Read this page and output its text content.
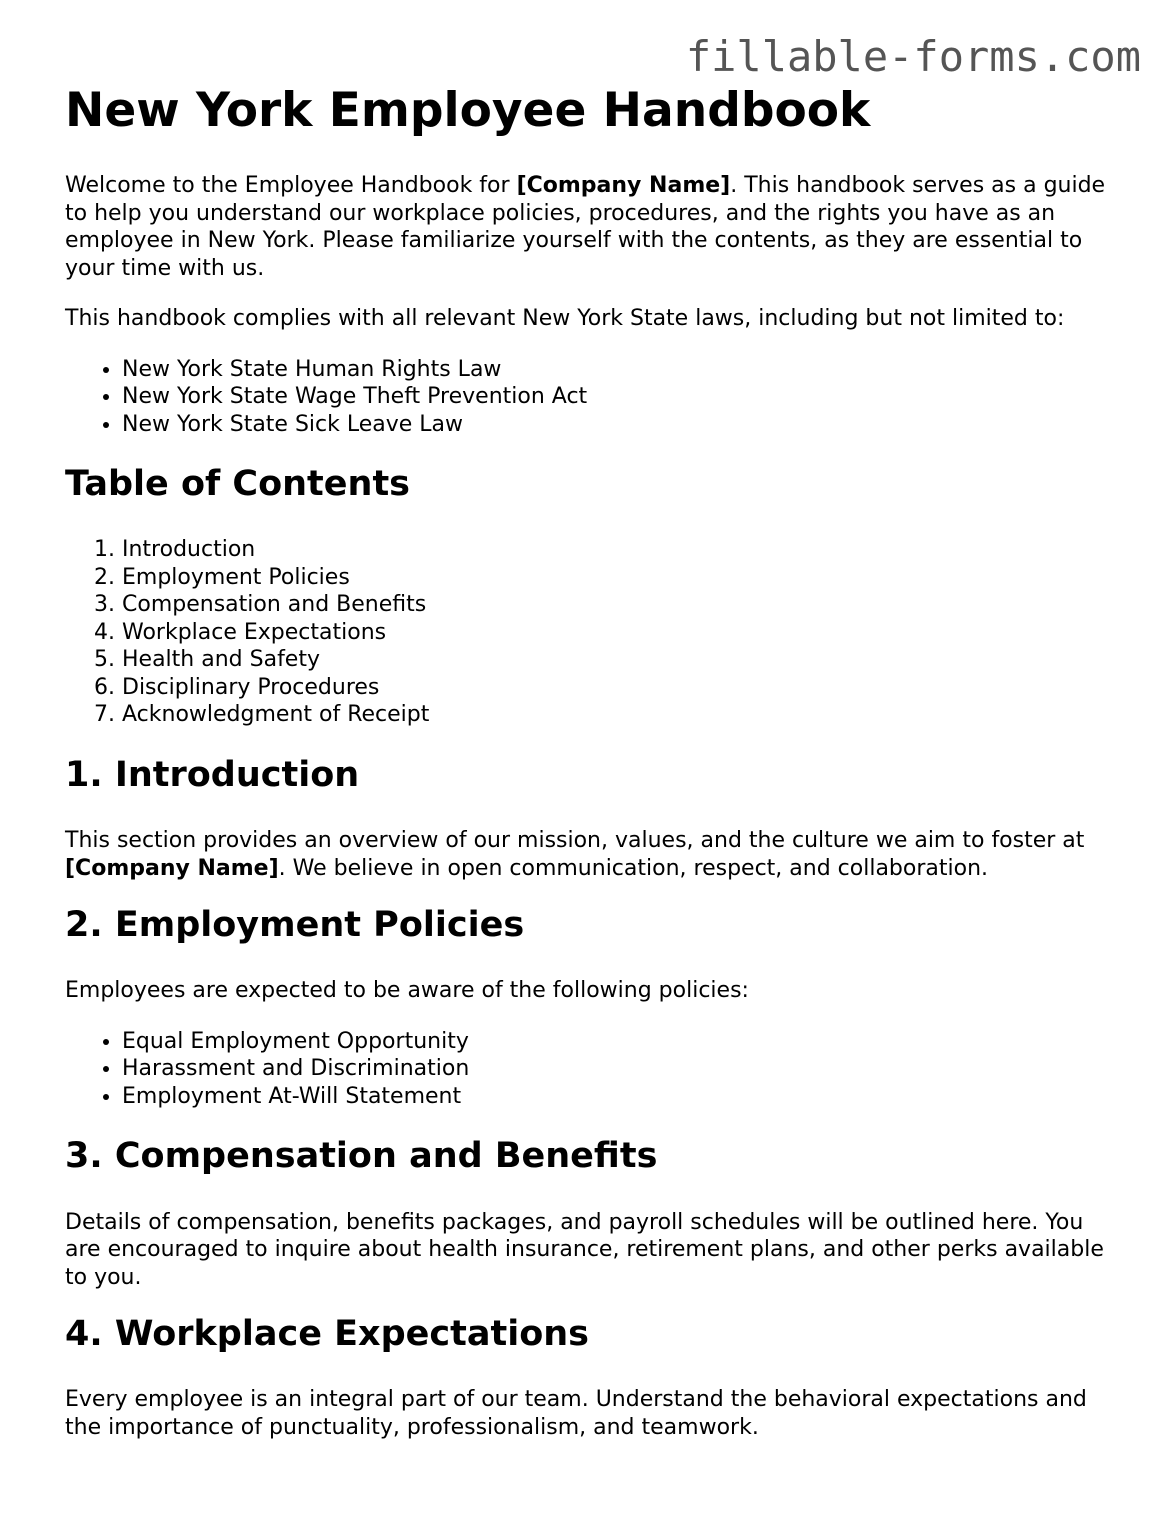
fillable-forms.com
New York Employee Handbook

Welcome to the Employee Handbook for [Company Name]. This handbook serves as a guide to help you understand our workplace policies, procedures, and the rights you have as an employee in New York. Please familiarize yourself with the contents, as they are essential to your time with us.

This handbook complies with all relevant New York State laws, including but not limited to:

• New York State Human Rights Law
• New York State Wage Theft Prevention Act
• New York State Sick Leave Law
Table of Contents
1. Introduction
2. Employment Policies
3. Compensation and Benefits
4. Workplace Expectations
5. Health and Safety
6. Disciplinary Procedures
7. Acknowledgment of Receipt
1. Introduction

This section provides an overview of our mission, values, and the culture we aim to foster at [Company Name]. We believe in open communication, respect, and collaboration.

2. Employment Policies

Employees are expected to be aware of the following policies:

• Equal Employment Opportunity
• Harassment and Discrimination
• Employment At-Will Statement
3. Compensation and Benefits

Details of compensation, benefits packages, and payroll schedules will be outlined here. You are encouraged to inquire about health insurance, retirement plans, and other perks available to you.

4. Workplace Expectations

Every employee is an integral part of our team. Understand the behavioral expectations and the importance of punctuality, professionalism, and teamwork.
